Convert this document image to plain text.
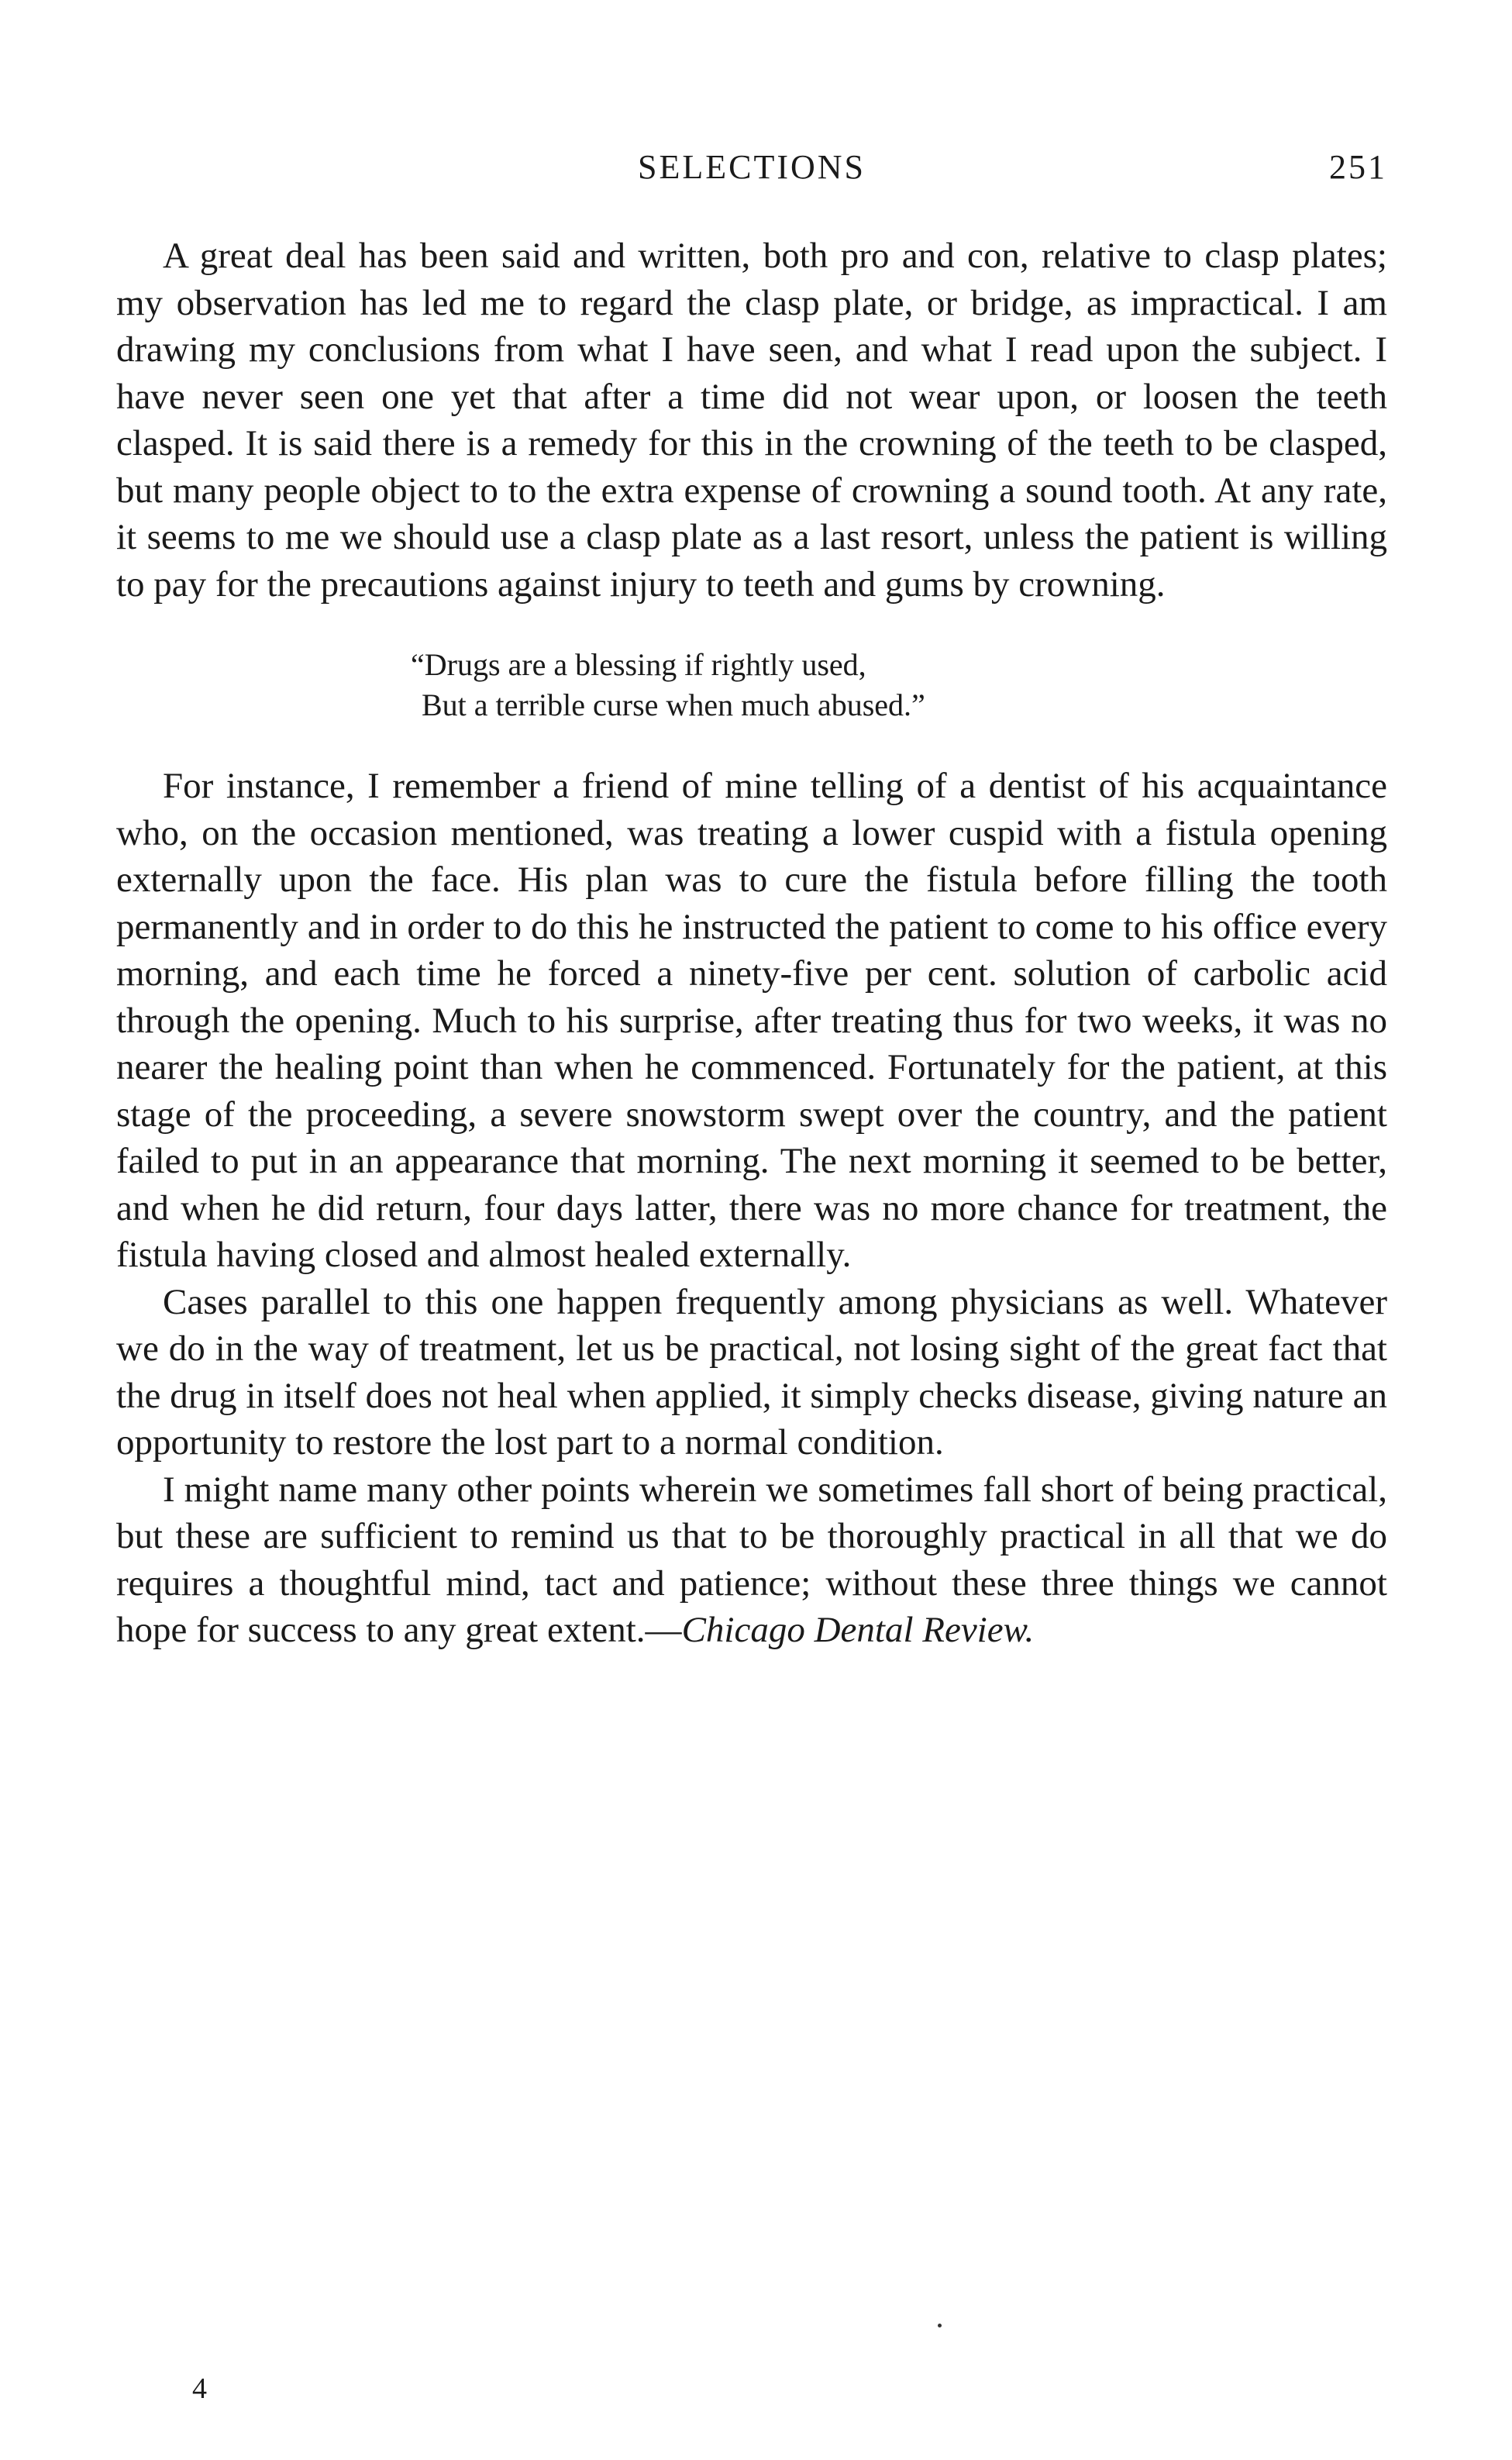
SELECTIONS	251

A great deal has been said and written, both pro and con, relative to clasp plates; my observation has led me to regard the clasp plate, or bridge, as impractical. I am drawing my conclusions from what I have seen, and what I read upon the subject. I have never seen one yet that after a time did not wear upon, or loosen the teeth clasped. It is said there is a remedy for this in the crowning of the teeth to be clasped, but many people object to to the extra expense of crowning a sound tooth. At any rate, it seems to me we should use a clasp plate as a last resort, unless the patient is willing to pay for the precautions against injury to teeth and gums by crowning.

“Drugs are a blessing if rightly used,
But a terrible curse when much abused.”

For instance, I remember a friend of mine telling of a dentist of his acquaintance who, on the occasion mentioned, was treating a lower cuspid with a fistula opening externally upon the face. His plan was to cure the fistula before filling the tooth permanently and in order to do this he instructed the patient to come to his office every morning, and each time he forced a ninety-five per cent. solution of carbolic acid through the opening. Much to his surprise, after treating thus for two weeks, it was no nearer the healing point than when he commenced. Fortunately for the patient, at this stage of the proceeding, a severe snowstorm swept over the country, and the patient failed to put in an appearance that morning. The next morning it seemed to be better, and when he did return, four days latter, there was no more chance for treatment, the fistula having closed and almost healed externally.

Cases parallel to this one happen frequently among physicians as well. Whatever we do in the way of treatment, let us be practical, not losing sight of the great fact that the drug in itself does not heal when applied, it simply checks disease, giving nature an opportunity to restore the lost part to a normal condition.

I might name many other points wherein we sometimes fall short of being practical, but these are sufficient to remind us that to be thoroughly practical in all that we do requires a thoughtful mind, tact and patience; without these three things we cannot hope for success to any great extent.—Chicago Dental Review.

4
